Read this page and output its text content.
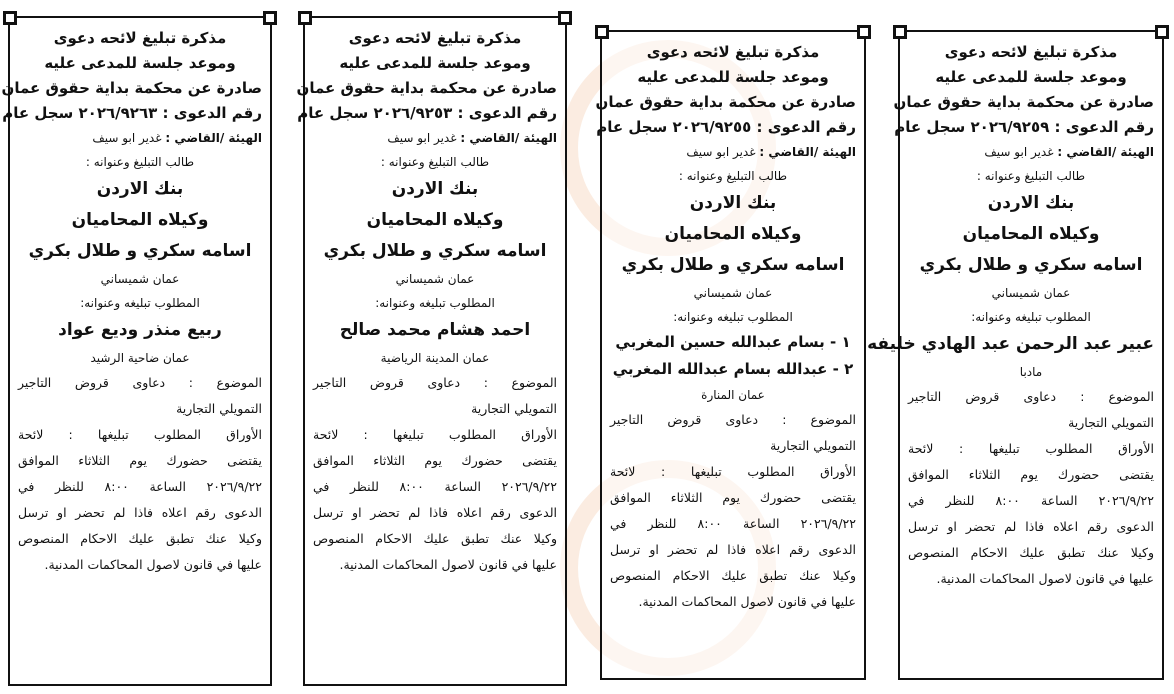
مذكرة تبليغ لائحه دعوى

وموعد جلسة للمدعى عليه

صادرة عن محكمة بداية حقوق عمان

رقم الدعوى : ٢٠٢٦/٩٢٦٣ سجل عام

الهيئة /القاضي : غدير ابو سيف

طالب التبليغ وعنوانه :

بنك الاردن

وكيلاه المحاميان

اسامه سكري و طلال بكري

عمان شميساني

المطلوب تبليغه وعنوانه:

ربيع منذر وديع عواد

عمان ضاحية الرشيد

الموضوع : دعاوى قروض التاجير

التمويلي التجارية

الأوراق المطلوب تبليغها : لائحة

يقتضى حضورك يوم الثلاثاء الموافق

٢٠٢٦/٩/٢٢ الساعة ٨:٠٠ للنظر في

الدعوى رقم اعلاه فاذا لم تحضر او ترسل

وكيلا عنك تطبق عليك الاحكام المنصوص

عليها في قانون لاصول المحاكمات المدنية.

مذكرة تبليغ لائحه دعوى

وموعد جلسة للمدعى عليه

صادرة عن محكمة بداية حقوق عمان

رقم الدعوى : ٢٠٢٦/٩٢٥٣ سجل عام

الهيئة /القاضي : غدير ابو سيف

طالب التبليغ وعنوانه :

بنك الاردن

وكيلاه المحاميان

اسامه سكري و طلال بكري

عمان شميساني

المطلوب تبليغه وعنوانه:

احمد هشام محمد صالح

عمان المدينة الرياضية

الموضوع : دعاوى قروض التاجير

التمويلي التجارية

الأوراق المطلوب تبليغها : لائحة

يقتضى حضورك يوم الثلاثاء الموافق

٢٠٢٦/٩/٢٢ الساعة ٨:٠٠ للنظر في

الدعوى رقم اعلاه فاذا لم تحضر او ترسل

وكيلا عنك تطبق عليك الاحكام المنصوص

عليها في قانون لاصول المحاكمات المدنية.

مذكرة تبليغ لائحه دعوى

وموعد جلسة للمدعى عليه

صادرة عن محكمة بداية حقوق عمان

رقم الدعوى : ٢٠٢٦/٩٢٥٥ سجل عام

الهيئة /القاضي : غدير ابو سيف

طالب التبليغ وعنوانه :

بنك الاردن

وكيلاه المحاميان

اسامه سكري و طلال بكري

عمان شميساني

المطلوب تبليغه وعنوانه:

١ - بسام عبدالله حسين المغربي

٢ - عبدالله بسام عبدالله المغربي

عمان المنارة

الموضوع : دعاوى قروض التاجير

التمويلي التجارية

الأوراق المطلوب تبليغها : لائحة

يقتضى حضورك يوم الثلاثاء الموافق

٢٠٢٦/٩/٢٢ الساعة ٨:٠٠ للنظر في

الدعوى رقم اعلاه فاذا لم تحضر او ترسل

وكيلا عنك تطبق عليك الاحكام المنصوص

عليها في قانون لاصول المحاكمات المدنية.

مذكرة تبليغ لائحه دعوى

وموعد جلسة للمدعى عليه

صادرة عن محكمة بداية حقوق عمان

رقم الدعوى : ٢٠٢٦/٩٢٥٩ سجل عام

الهيئة /القاضي : غدير ابو سيف

طالب التبليغ وعنوانه :

بنك الاردن

وكيلاه المحاميان

اسامه سكري و طلال بكري

عمان شميساني

المطلوب تبليغه وعنوانه:

عبير عبد الرحمن عبد الهادي خليفه

مادبا

الموضوع : دعاوى قروض التاجير

التمويلي التجارية

الأوراق المطلوب تبليغها : لائحة

يقتضى حضورك يوم الثلاثاء الموافق

٢٠٢٦/٩/٢٢ الساعة ٨:٠٠ للنظر في

الدعوى رقم اعلاه فاذا لم تحضر او ترسل

وكيلا عنك تطبق عليك الاحكام المنصوص

عليها في قانون لاصول المحاكمات المدنية.
